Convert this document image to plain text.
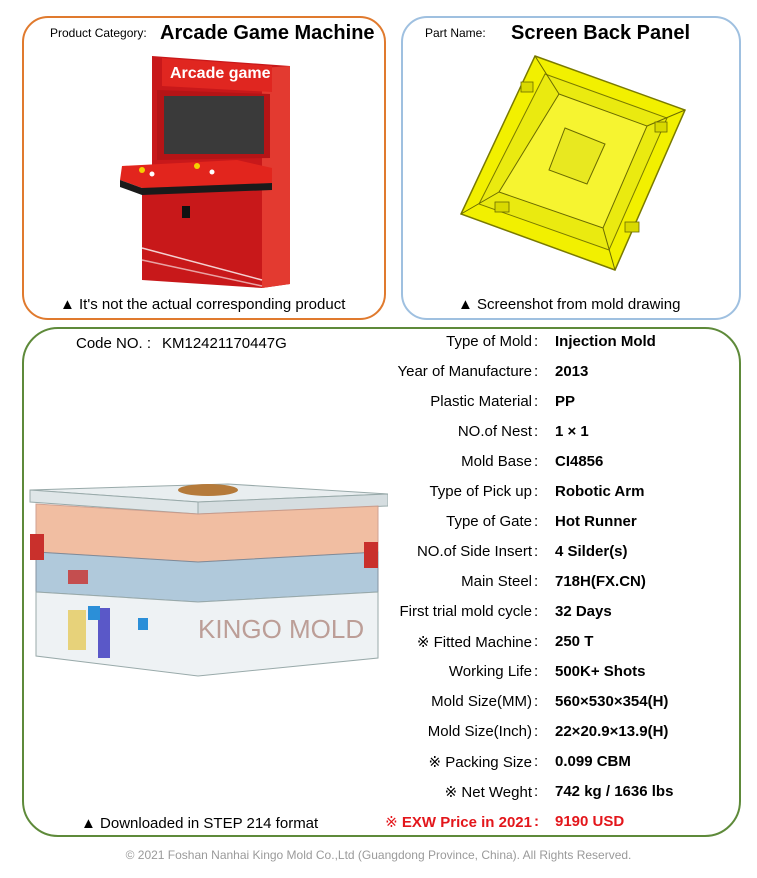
Product Category: Arcade Game Machine
Arcade game
▲ It's not the actual corresponding product
Part Name: Screen Back Panel
▲ Screenshot from mold drawing
Code NO. : KM12421170447G
KINGO MOLD
▲ Downloaded in STEP 214 format
Type of Mold : Injection Mold
Year of Manufacture : 2013
Plastic Material : PP
NO.of Nest : 1 × 1
Mold Base : CI4856
Type of Pick up : Robotic Arm
Type of Gate : Hot Runner
NO.of Side Insert : 4 Silder(s)
Main Steel : 718H(FX.CN)
First trial mold cycle : 32 Days
※ Fitted Machine : 250 T
Working Life : 500K+ Shots
Mold Size(MM) : 560×530×354(H)
Mold Size(Inch) : 22×20.9×13.9(H)
※ Packing Size : 0.099 CBM
※ Net Weght : 742 kg / 1636 lbs
※ EXW Price in 2021 : 9190 USD
© 2021 Foshan Nanhai Kingo Mold Co.,Ltd (Guangdong Province, China). All Rights Reserved.
